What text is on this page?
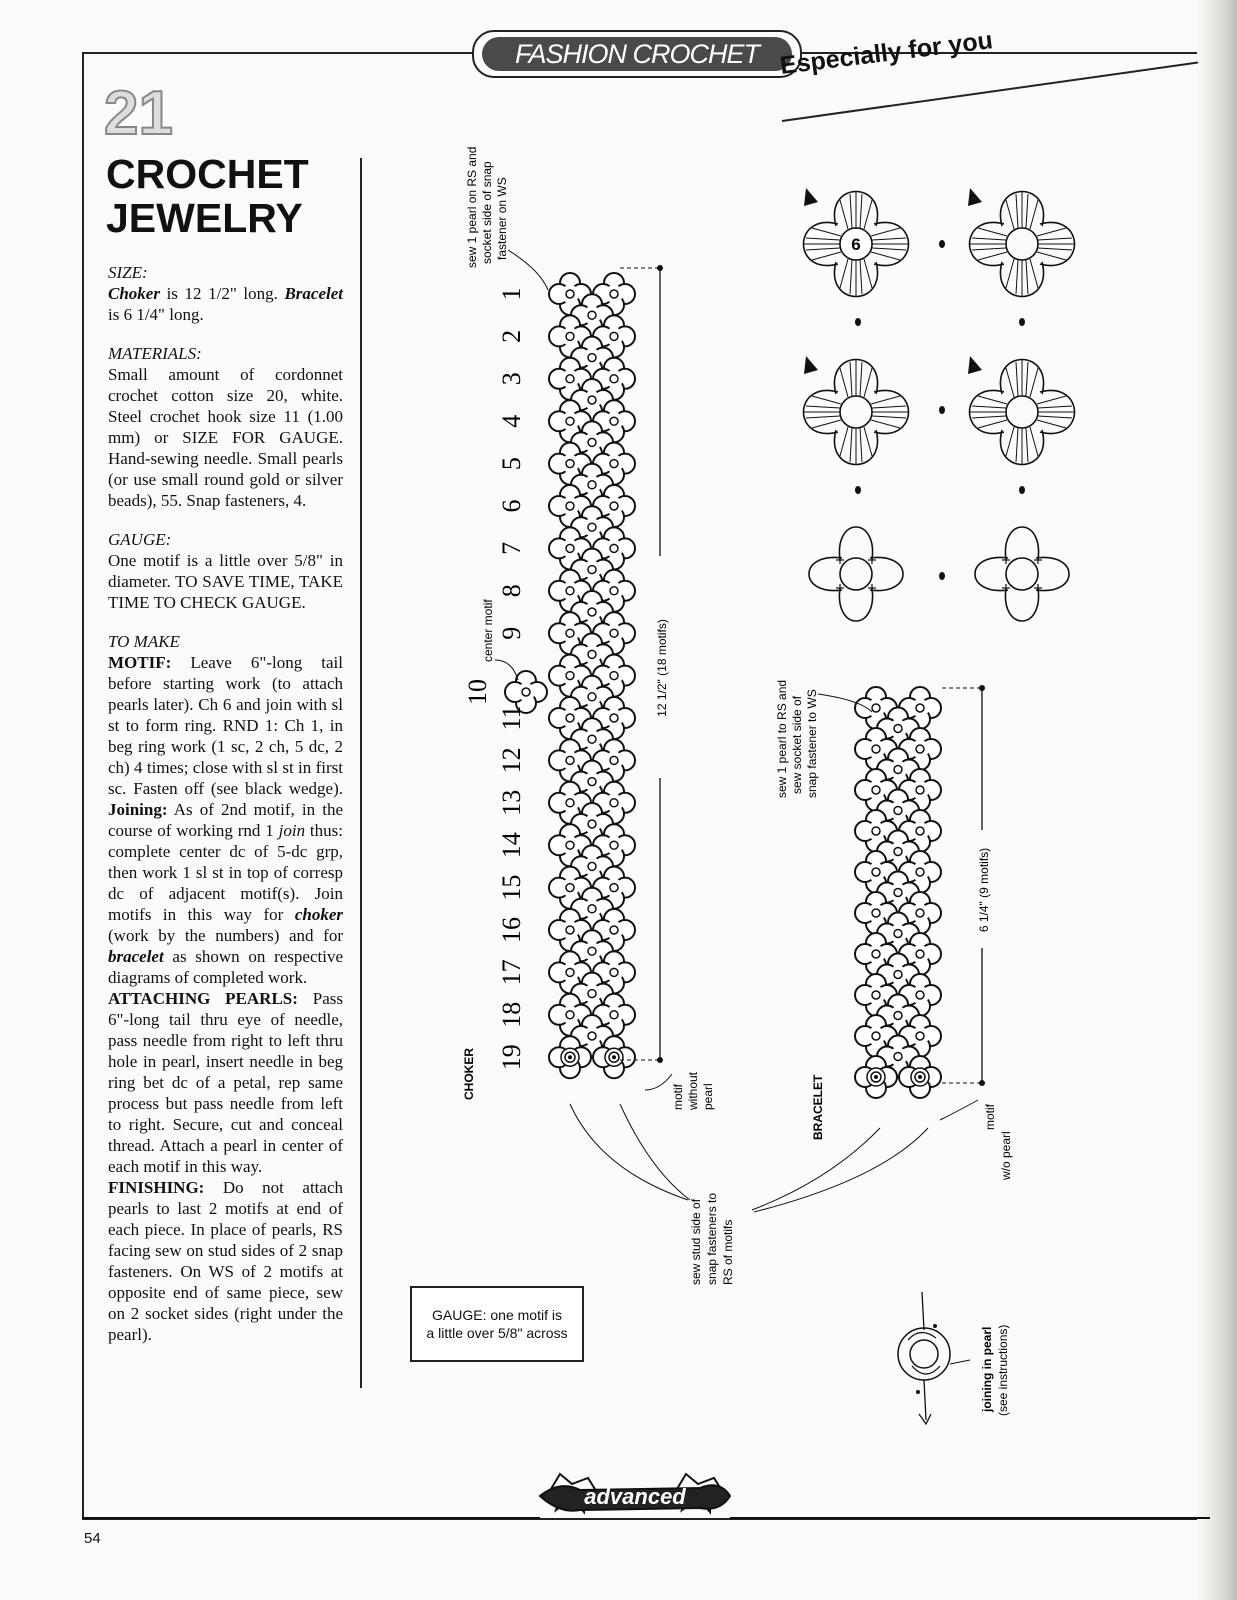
FASHION CROCHET Especially for you
21
CROCHET
JEWELRY

SIZE:
Choker is 12 1/2" long. Bracelet is 6 1/4" long.

MATERIALS:
Small amount of cordonnet crochet cotton size 20, white. Steel crochet hook size 11 (1.00 mm) or SIZE FOR GAUGE. Hand-sewing needle. Small pearls (or use small round gold or silver beads), 55. Snap fasteners, 4.

GAUGE:
One motif is a little over 5/8" in diameter. TO SAVE TIME, TAKE TIME TO CHECK GAUGE.

TO MAKE
MOTIF: Leave 6"-long tail before starting work (to attach pearls later). Ch 6 and join with sl st to form ring. RND 1: Ch 1, in beg ring work (1 sc, 2 ch, 5 dc, 2 ch) 4 times; close with sl st in first sc. Fasten off (see black wedge). Joining: As of 2nd motif, in the course of working rnd 1 join thus: complete center dc of 5-dc grp, then work 1 sl st in top of corresp dc of adjacent motif(s). Join motifs in this way for choker (work by the numbers) and for bracelet as shown on respective diagrams of completed work.
ATTACHING PEARLS: Pass 6"-long tail thru eye of needle, pass needle from right to left thru hole in pearl, insert needle in beg ring bet dc of a petal, rep same process but pass needle from left to right. Secure, cut and conceal thread. Attach a pearl in center of each motif in this way.
FINISHING: Do not attach pearls to last 2 motifs at end of each piece. In place of pearls, RS facing sew on stud sides of 2 snap fasteners. On WS of 2 motifs at opposite end of same piece, sew on 2 socket sides (right under the pearl).

12 1/2" (18 motifs)
1
2
3
4
5
6
7
8
9
10
11
12
13
14
15
16
17
18
19
sew 1 pearl on RS and socket side of snap fastener on WS
center motif
CHOKER	motif without pearl
sew stud side of snap fasteners to RS of motifs
6 1/4" (9 motifs)
sew 1 pearl to RS and sew socket side of snap fastener to WS
BRACELET	motif
w/o pearl
6
joining in pearl (see instructions)
advanced
GAUGE: one motif is
a little over 5/8" across
54
